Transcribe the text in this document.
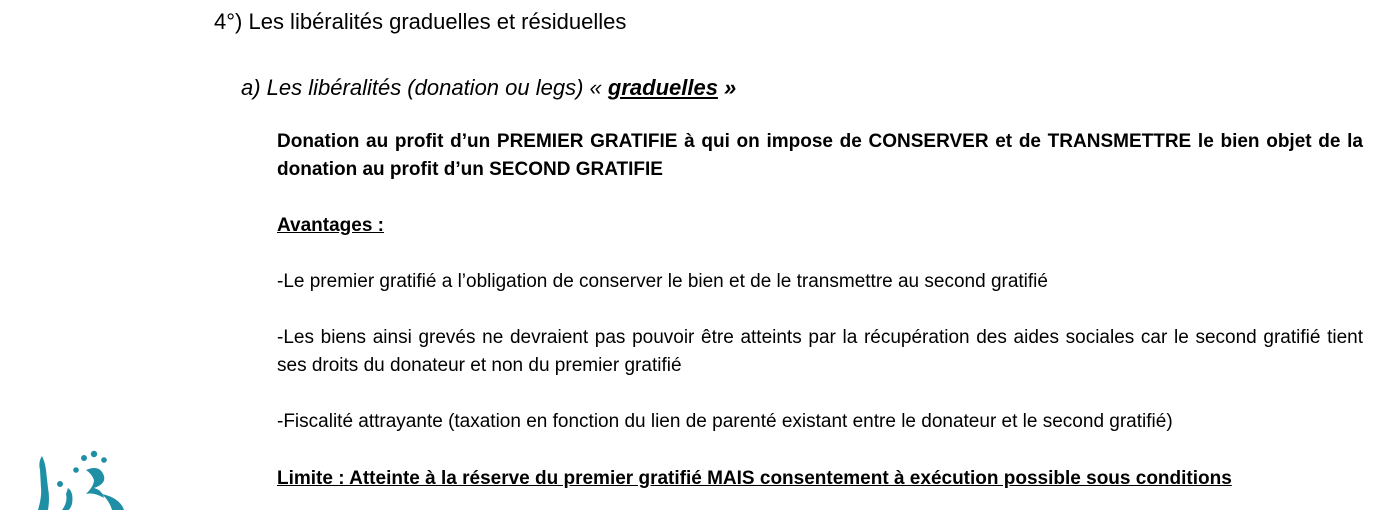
4°) Les libéralités graduelles et résiduelles
a) Les libéralités (donation ou legs) « graduelles »
Donation au profit d’un PREMIER GRATIFIE à qui on impose de CONSERVER et de TRANSMETTRE le bien objet de la donation au profit d’un SECOND GRATIFIE
Avantages :
-Le premier gratifié a l’obligation de conserver le bien et de le transmettre au second gratifié
-Les biens ainsi grevés ne devraient pas pouvoir être atteints par la récupération des aides sociales car le second gratifié tient ses droits du donateur et non du premier gratifié
-Fiscalité attrayante (taxation en fonction du lien de parenté existant entre le donateur et le second gratifié)
Limite : Atteinte à la réserve du premier gratifié MAIS consentement à exécution possible sous conditions
